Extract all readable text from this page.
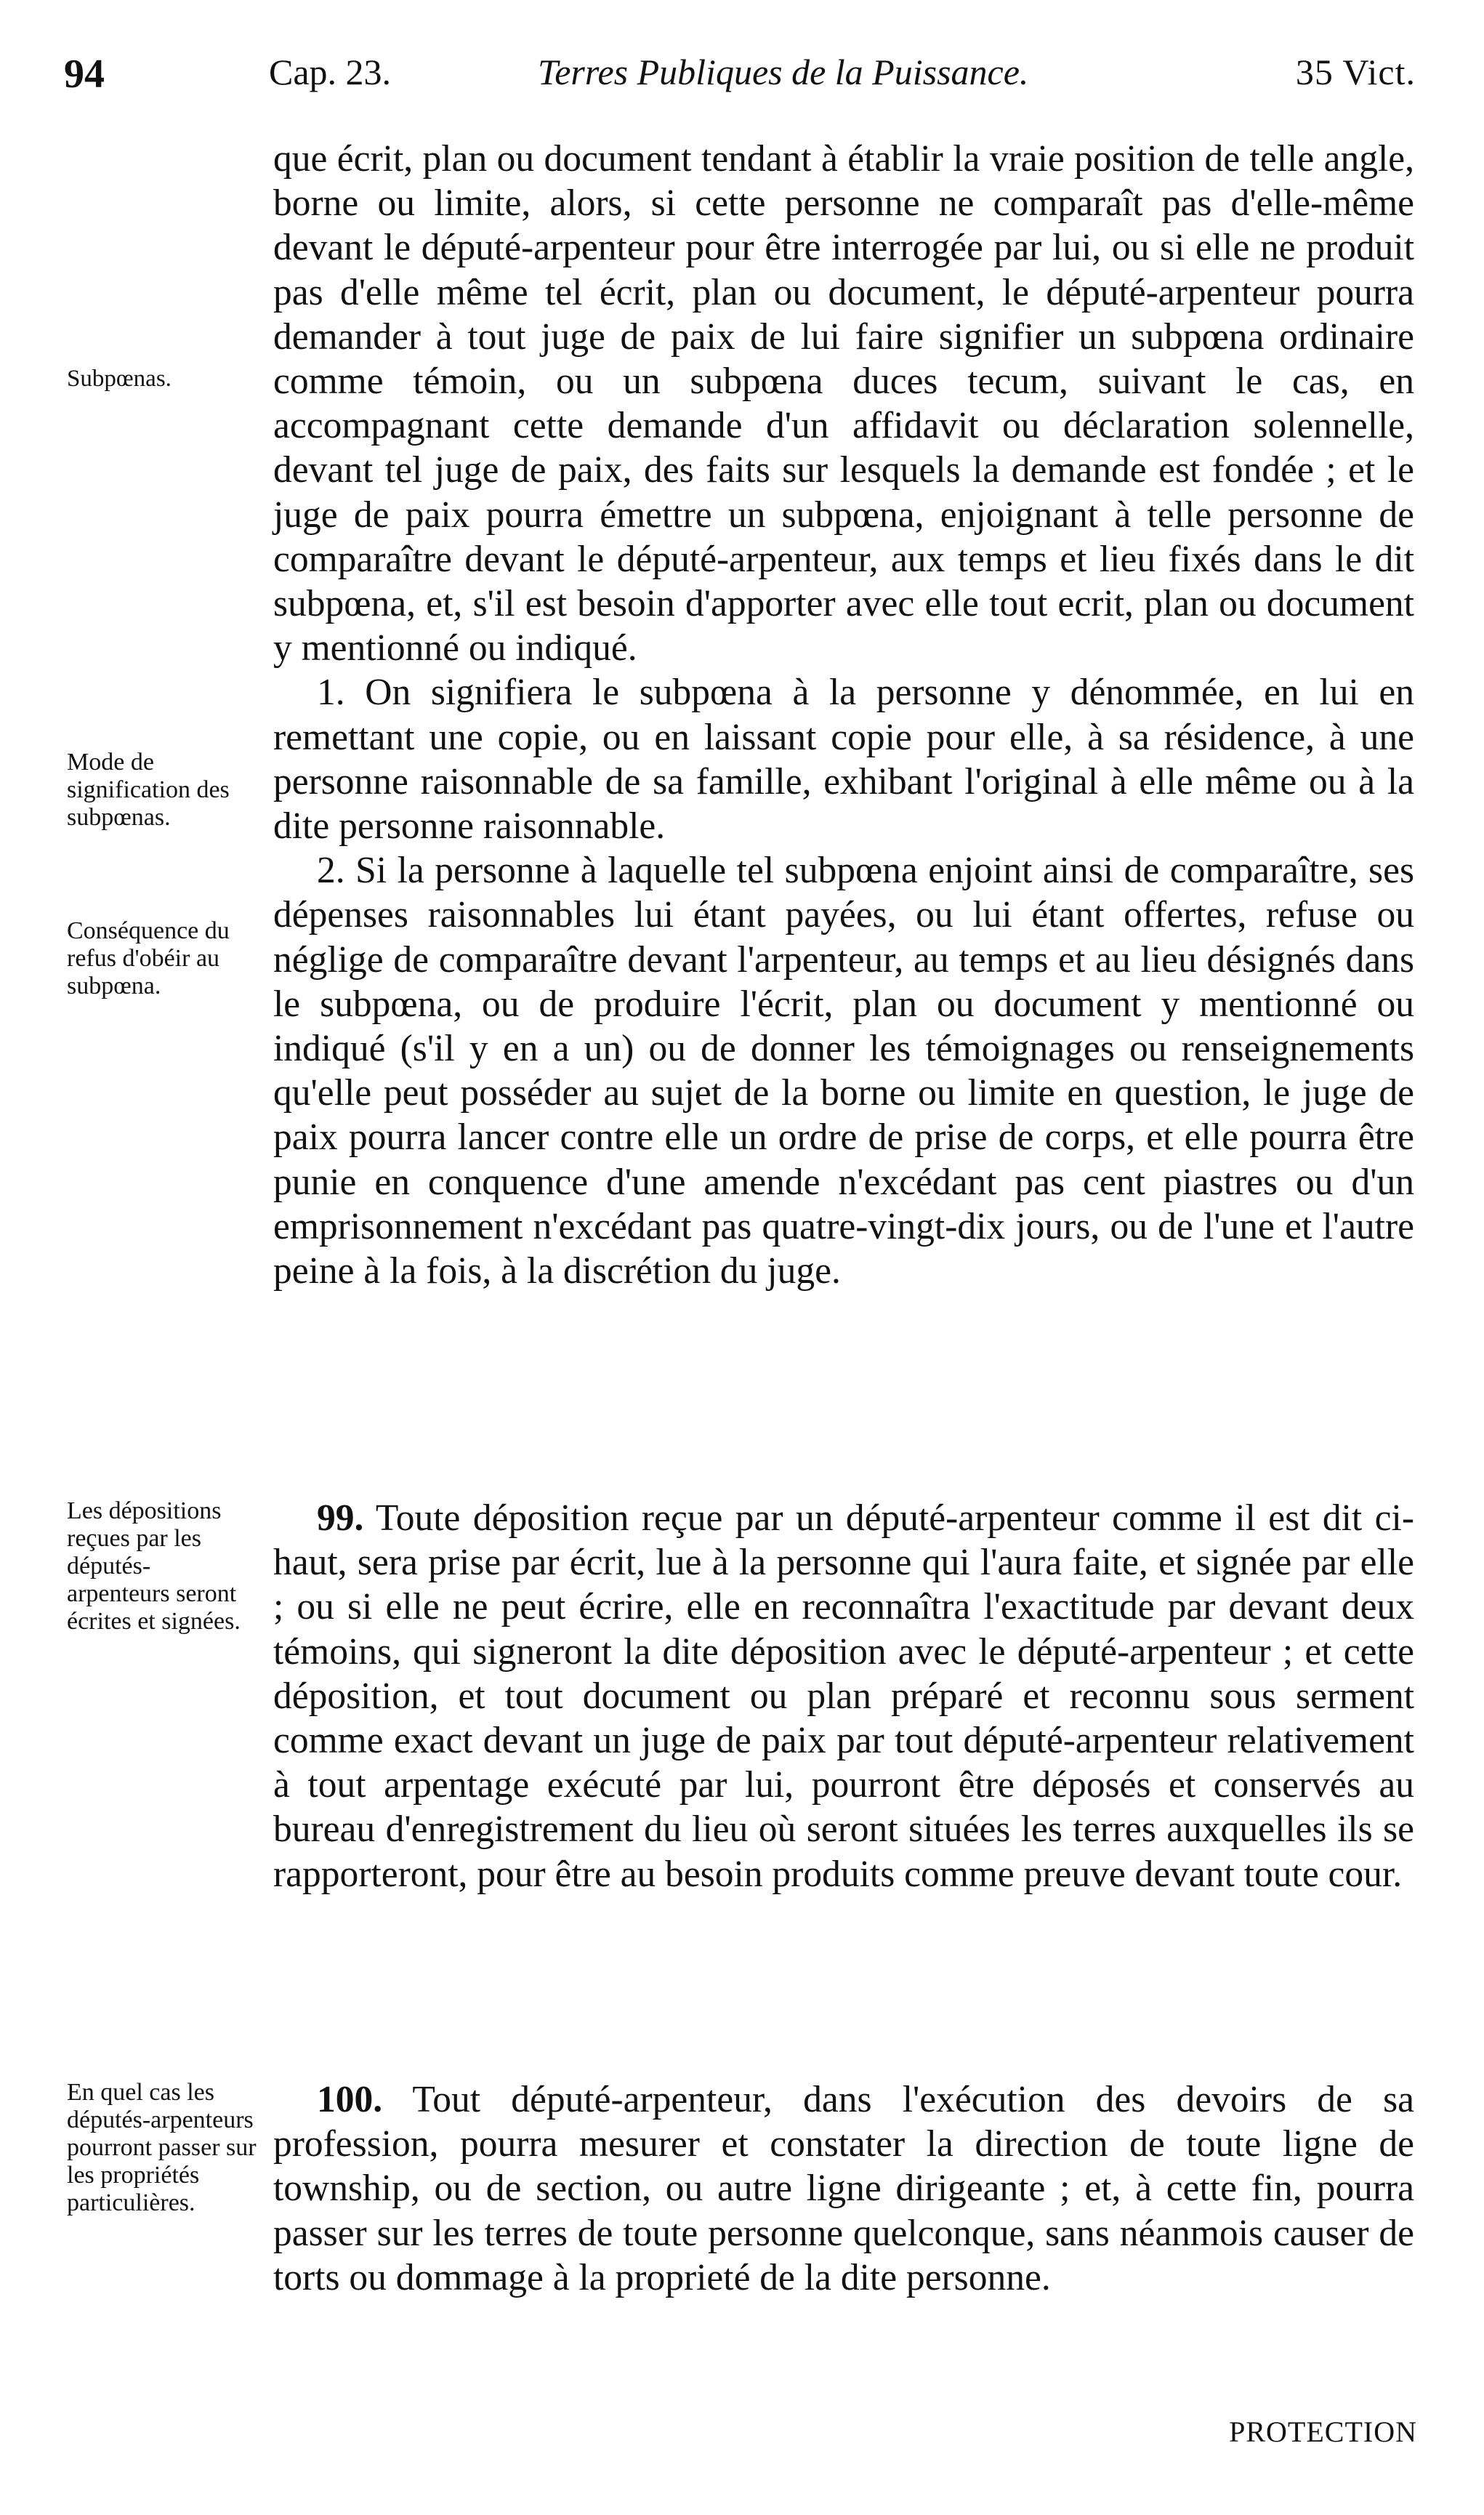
94	Cap. 23.	Terres Publiques de la Puissance.	35 Vict.
Subpœnas.
Mode de signification des subpœnas.
Conséquence du refus d'obéir au subpœna.
Les dépositions reçues par les députés-arpenteurs seront écrites et signées.
En quel cas les députés-arpenteurs pourront passer sur les propriétés particulières.

que écrit, plan ou document tendant à établir la vraie position de telle angle, borne ou limite, alors, si cette personne ne comparaît pas d'elle-même devant le député-arpenteur pour être interrogée par lui, ou si elle ne produit pas d'elle même tel écrit, plan ou document, le député-arpenteur pourra demander à tout juge de paix de lui faire signifier un subpœna ordinaire comme témoin, ou un subpœna duces tecum, suivant le cas, en accompagnant cette demande d'un affidavit ou déclaration solennelle, devant tel juge de paix, des faits sur lesquels la demande est fondée ; et le juge de paix pourra émettre un subpœna, enjoignant à telle personne de comparaître devant le député-arpenteur, aux temps et lieu fixés dans le dit subpœna, et, s'il est besoin d'apporter avec elle tout ecrit, plan ou document y mentionné ou indiqué.

1. On signifiera le subpœna à la personne y dénommée, en lui en remettant une copie, ou en laissant copie pour elle, à sa résidence, à une personne raisonnable de sa famille, exhibant l'original à elle même ou à la dite personne raisonnable.

2. Si la personne à laquelle tel subpœna enjoint ainsi de comparaître, ses dépenses raisonnables lui étant payées, ou lui étant offertes, refuse ou néglige de comparaître devant l'arpenteur, au temps et au lieu désignés dans le subpœna, ou de produire l'écrit, plan ou document y mentionné ou indiqué (s'il y en a un) ou de donner les témoignages ou renseignements qu'elle peut posséder au sujet de la borne ou limite en question, le juge de paix pourra lancer contre elle un ordre de prise de corps, et elle pourra être punie en conquence d'une amende n'excédant pas cent piastres ou d'un emprisonnement n'excédant pas quatre-vingt-dix jours, ou de l'une et l'autre peine à la fois, à la discrétion du juge.

99. Toute déposition reçue par un député-arpenteur comme il est dit ci-haut, sera prise par écrit, lue à la personne qui l'aura faite, et signée par elle ; ou si elle ne peut écrire, elle en reconnaîtra l'exactitude par devant deux témoins, qui signeront la dite déposition avec le député-arpenteur ; et cette déposition, et tout document ou plan préparé et reconnu sous serment comme exact devant un juge de paix par tout député-arpenteur relativement à tout arpentage exécuté par lui, pourront être déposés et conservés au bureau d'enregistrement du lieu où seront situées les terres auxquelles ils se rapporteront, pour être au besoin produits comme preuve devant toute cour.

100. Tout député-arpenteur, dans l'exécution des devoirs de sa profession, pourra mesurer et constater la direction de toute ligne de township, ou de section, ou autre ligne dirigeante ; et, à cette fin, pourra passer sur les terres de toute personne quelconque, sans néanmois causer de torts ou dommage à la proprieté de la dite personne.

PROTECTION
